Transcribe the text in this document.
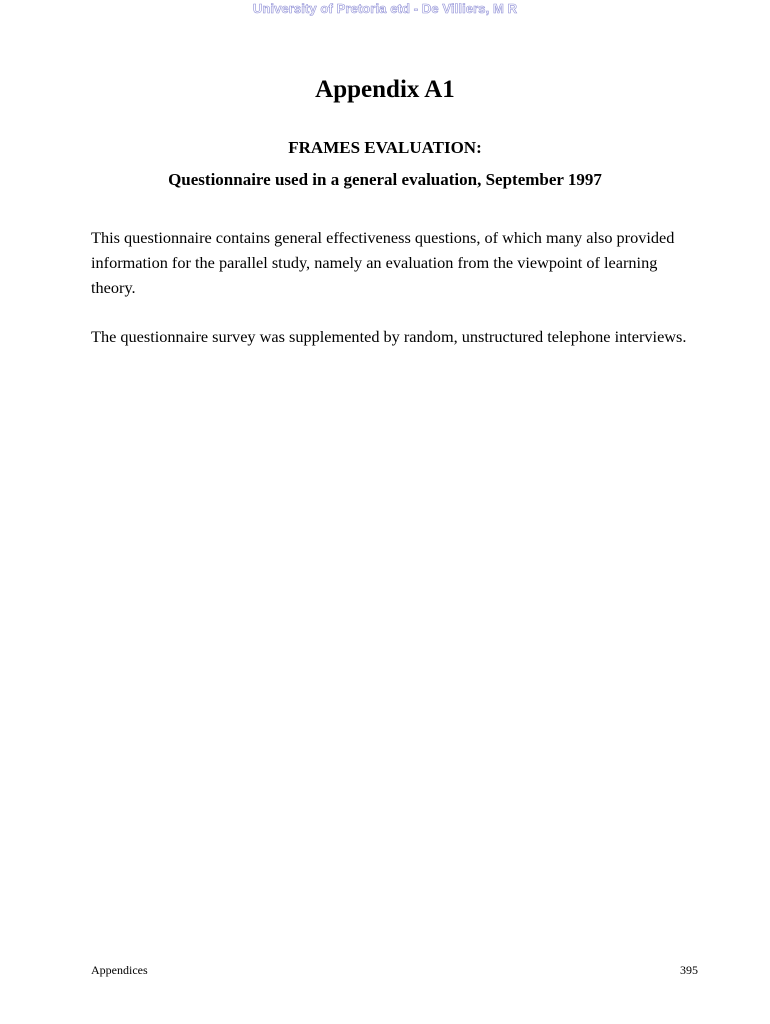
University of Pretoria etd - De Villiers, M R
Appendix A1
FRAMES EVALUATION:
Questionnaire used in a general evaluation, September 1997

This questionnaire contains general effectiveness questions, of which many also provided information for the parallel study, namely an evaluation from the viewpoint of learning theory.

The questionnaire survey was supplemented by random, unstructured telephone interviews.

Appendices	395
